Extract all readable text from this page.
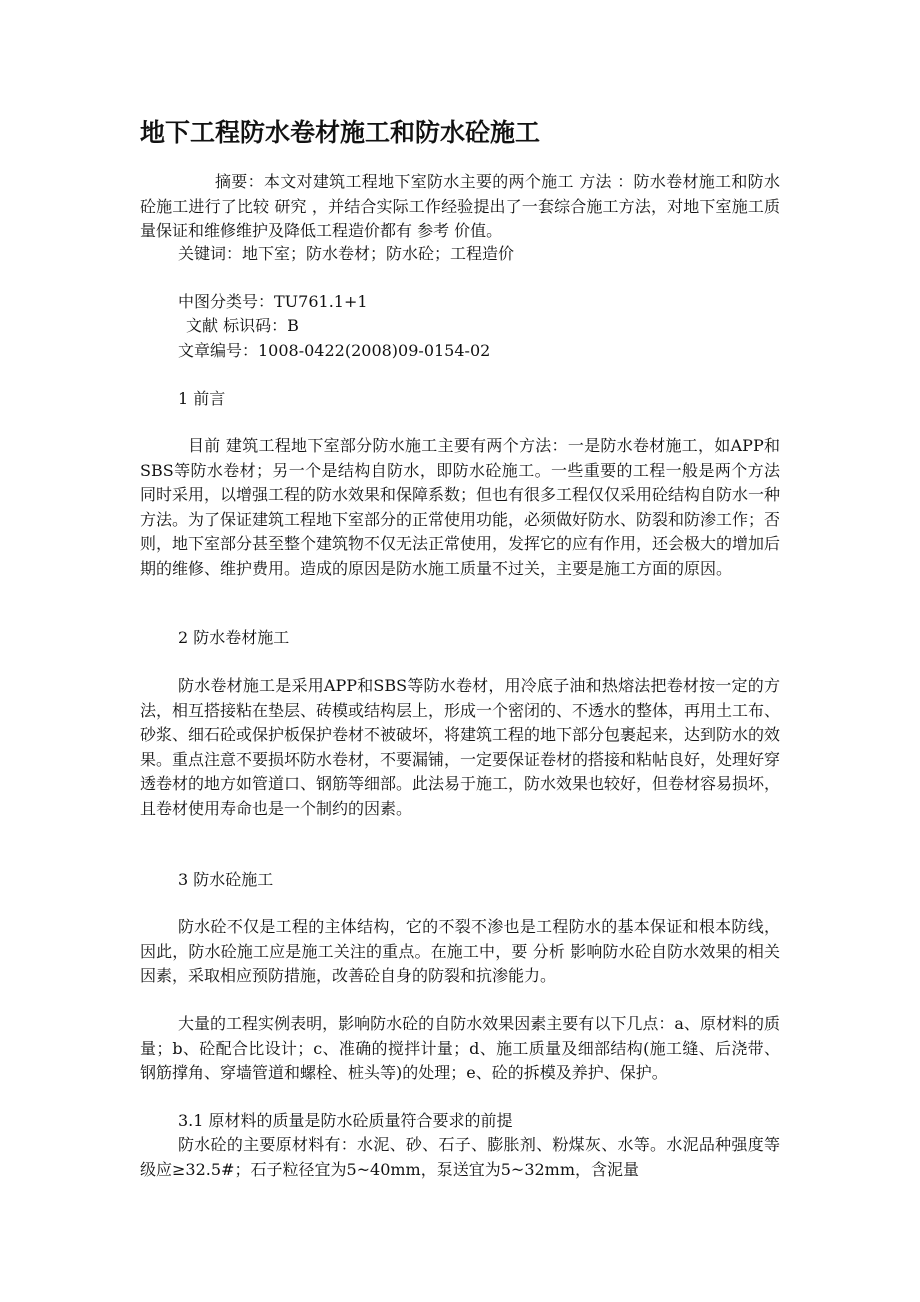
地下工程防水卷材施工和防水砼施工
摘要：本文对建筑工程地下室防水主要的两个施工 方法 ：防水卷材施工和防水砼施工进行了比较 研究 ，并结合实际工作经验提出了一套综合施工方法，对地下室施工质量保证和维修维护及降低工程造价都有 参考 价值。
关键词：地下室；防水卷材；防水砼；工程造价
中图分类号：TU761.1+1
文献 标识码：B
文章编号：1008-0422(2008)09-0154-02
1 前言
目前 建筑工程地下室部分防水施工主要有两个方法：一是防水卷材施工，如APP和SBS等防水卷材；另一个是结构自防水，即防水砼施工。一些重要的工程一般是两个方法同时采用，以增强工程的防水效果和保障系数；但也有很多工程仅仅采用砼结构自防水一种方法。为了保证建筑工程地下室部分的正常使用功能，必须做好防水、防裂和防渗工作；否则，地下室部分甚至整个建筑物不仅无法正常使用，发挥它的应有作用，还会极大的增加后期的维修、维护费用。造成的原因是防水施工质量不过关，主要是施工方面的原因。
2 防水卷材施工
防水卷材施工是采用APP和SBS等防水卷材，用冷底子油和热熔法把卷材按一定的方法，相互搭接粘在垫层、砖模或结构层上，形成一个密闭的、不透水的整体，再用土工布、砂浆、细石砼或保护板保护卷材不被破坏，将建筑工程的地下部分包裹起来，达到防水的效果。重点注意不要损坏防水卷材，不要漏铺，一定要保证卷材的搭接和粘帖良好，处理好穿透卷材的地方如管道口、钢筋等细部。此法易于施工，防水效果也较好，但卷材容易损坏，且卷材使用寿命也是一个制约的因素。
3 防水砼施工
防水砼不仅是工程的主体结构，它的不裂不渗也是工程防水的基本保证和根本防线，因此，防水砼施工应是施工关注的重点。在施工中，要 分析 影响防水砼自防水效果的相关因素，采取相应预防措施，改善砼自身的防裂和抗渗能力。
大量的工程实例表明，影响防水砼的自防水效果因素主要有以下几点：a、原材料的质量；b、砼配合比设计；c、准确的搅拌计量；d、施工质量及细部结构(施工缝、后浇带、钢筋撑角、穿墙管道和螺栓、桩头等)的处理；e、砼的拆模及养护、保护。
3.1 原材料的质量是防水砼质量符合要求的前提
防水砼的主要原材料有：水泥、砂、石子、膨胀剂、粉煤灰、水等。水泥品种强度等级应≥32.5#；石子粒径宜为5~40mm，泵送宜为5~32mm，含泥量
